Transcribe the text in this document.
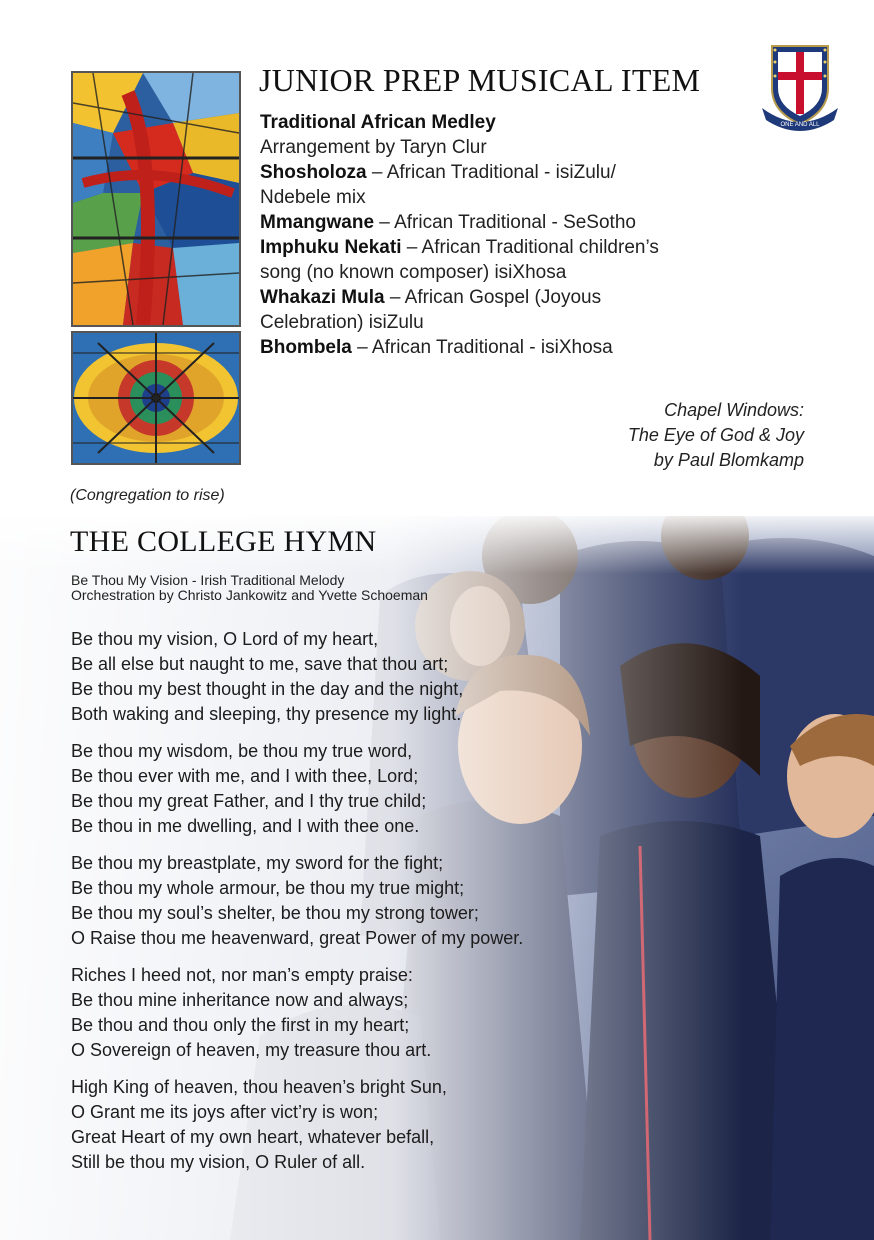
ONE AND ALL
JUNIOR PREP MUSICAL ITEM
Traditional African Medley
Arrangement by Taryn Clur
Shosholoza – African Traditional - isiZulu/
Ndebele mix
Mmangwane – African Traditional - SeSotho
Imphuku Nekati – African Traditional children’s
song (no known composer) isiXhosa
Whakazi Mula – African Gospel (Joyous
Celebration) isiZulu
Bhombela – African Traditional - isiXhosa
Chapel Windows:
The Eye of God & Joy
by Paul Blomkamp
(Congregation to rise)
THE COLLEGE HYMN
Be Thou My Vision - Irish Traditional Melody
Orchestration by Christo Jankowitz and Yvette Schoeman
Be thou my vision, O Lord of my heart,
Be all else but naught to me, save that thou art;
Be thou my best thought in the day and the night,
Both waking and sleeping, thy presence my light.
Be thou my wisdom, be thou my true word,
Be thou ever with me, and I with thee, Lord;
Be thou my great Father, and I thy true child;
Be thou in me dwelling, and I with thee one.
Be thou my breastplate, my sword for the fight;
Be thou my whole armour, be thou my true might;
Be thou my soul’s shelter, be thou my strong tower;
O Raise thou me heavenward, great Power of my power.
Riches I heed not, nor man’s empty praise:
Be thou mine inheritance now and always;
Be thou and thou only the first in my heart;
O Sovereign of heaven, my treasure thou art.
High King of heaven, thou heaven’s bright Sun,
O Grant me its joys after vict’ry is won;
Great Heart of my own heart, whatever befall,
Still be thou my vision, O Ruler of all.
